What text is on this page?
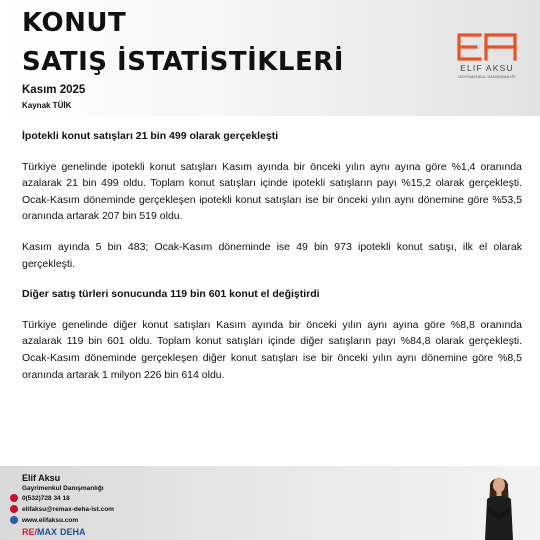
KONUT
SATIŞ İSTATİSTİKLERİ
Kasım 2025
Kaynak TÜİK
ELIF AKSU
GAYRIMENKUL DANIŞMANLIĞI

İpotekli konut satışları 21 bin 499 olarak gerçekleşti

Türkiye genelinde ipotekli konut satışları Kasım ayında bir önceki yılın aynı ayına göre %1,4 oranında azalarak 21 bin 499 oldu. Toplam konut satışları içinde ipotekli satışların payı %15,2 olarak gerçekleşti. Ocak-Kasım döneminde gerçekleşen ipotekli konut satışları ise bir önceki yılın aynı dönemine göre %53,5 oranında artarak 207 bin 519 oldu.

Kasım ayında 5 bin 483; Ocak-Kasım döneminde ise 49 bin 973 ipotekli konut satışı, ilk el olarak gerçekleşti.

Diğer satış türleri sonucunda 119 bin 601 konut el değiştirdi

Türkiye genelinde diğer konut satışları Kasım ayında bir önceki yılın aynı ayına göre %8,8 oranında azalarak 119 bin 601 oldu. Toplam konut satışları içinde diğer satışların payı %84,8 olarak gerçekleşti. Ocak-Kasım döneminde gerçekleşen diğer konut satışları ise bir önceki yılın aynı dönemine göre %8,5 oranında artarak 1 milyon 226 bin 614 oldu.

Elif Aksu
Gayrimenkul Danışmanlığı
0(532)728 34 18
elifaksu@remax-deha-ist.com
www.elifaksu.com
RE/MAX DEHA
